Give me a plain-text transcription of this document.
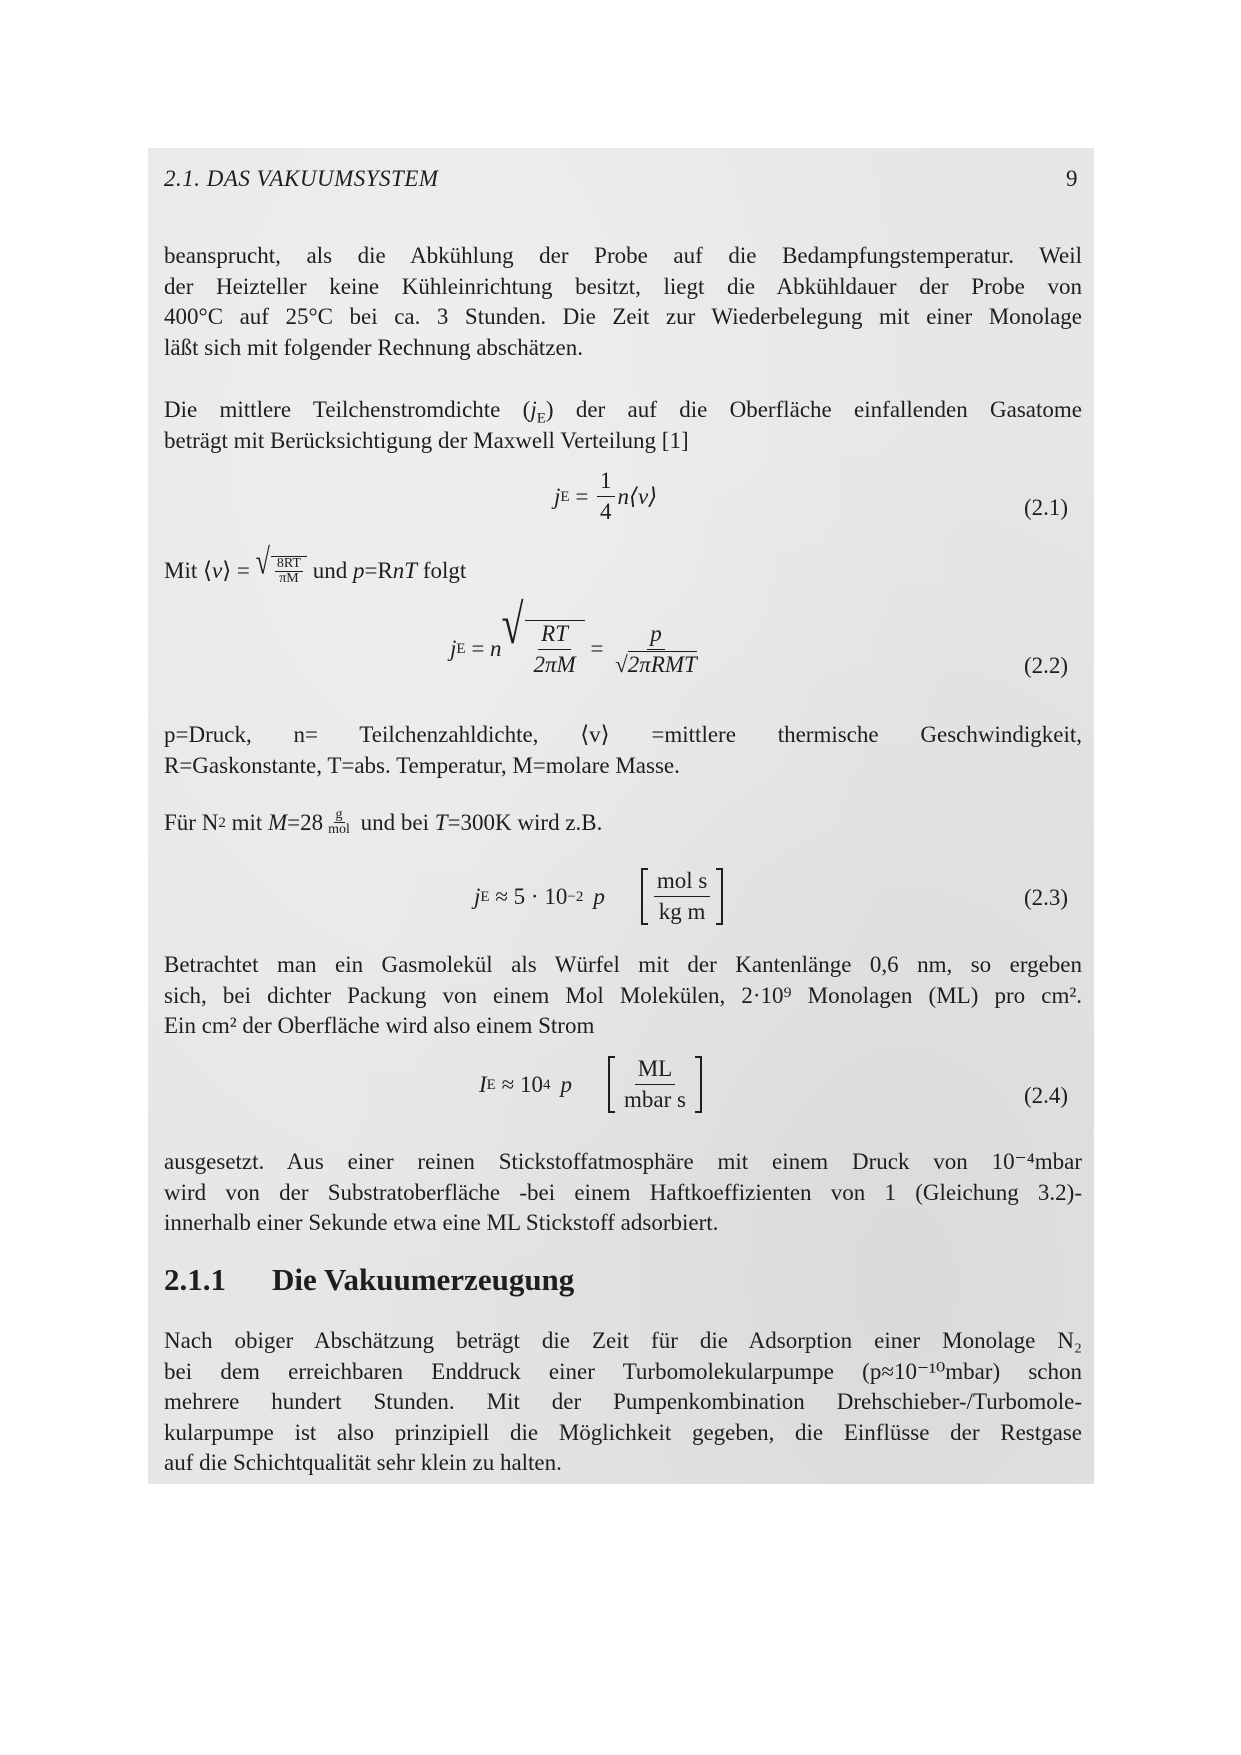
2.1. DAS VAKUUMSYSTEM	9

beansprucht, als die Abkühlung der Probe auf die Bedampfungstemperatur. Weil
der Heizteller keine Kühleinrichtung besitzt, liegt die Abkühldauer der Probe von
400°C auf 25°C bei ca. 3 Stunden. Die Zeit zur Wiederbelegung mit einer Monolage
läßt sich mit folgender Rechnung abschätzen.

Die mittlere Teilchenstromdichte $(j_E)$ der auf die Oberfläche einfallenden Gasatome
beträgt mit Berücksichtigung der Maxwell Verteilung [1]

j $E = \frac{1}{4}$ n⟨v⟩	(2.1)
Mit ⟨ v ⟩ = √ $\frac{8RT}{\pi M}$ und p =R n T folgt
j E = n √ $\frac{RT}{2\pi M} = \frac{p}{\text{√2πRMT}}$	(2.2)

p=Druck, n= Teilchenzahldichte, ⟨v⟩ =mittlere thermische Geschwindigkeit,
R=Gaskonstante, T=abs. Temperatur, M=molare Masse.

Für N 2 mit $M =28 \frac{g}{\text{mol}}$ und bei T =300K wird z.B.
j E ≈ 5 · 10 −2 p $\frac{\text{mol s}}{\text{kg m}}$	(2.3)

Betrachtet man ein Gasmolekül als Würfel mit der Kantenlänge 0,6 nm, so ergeben
sich, bei dichter Packung von einem Mol Molekülen, 2·10⁹ Monolagen (ML) pro cm².
Ein cm² der Oberfläche wird also einem Strom

I E ≈ 10 4 p $\frac{ML}{\text{mbar s}}$	(2.4)

ausgesetzt. Aus einer reinen Stickstoffatmosphäre mit einem Druck von 10⁻⁴mbar
wird von der Substratoberfläche -bei einem Haftkoeffizienten von 1 (Gleichung 3.2)-
innerhalb einer Sekunde etwa eine ML Stickstoff adsorbiert.

2.1.1 Die Vakuumerzeugung

Nach obiger Abschätzung beträgt die Zeit für die Adsorption einer Monolage N₂
bei dem erreichbaren Enddruck einer Turbomolekularpumpe (p≈10⁻¹⁰mbar) schon
mehrere hundert Stunden. Mit der Pumpenkombination Drehschieber-/Turbomole-
kularpumpe ist also prinzipiell die Möglichkeit gegeben, die Einflüsse der Restgase
auf die Schichtqualität sehr klein zu halten.
